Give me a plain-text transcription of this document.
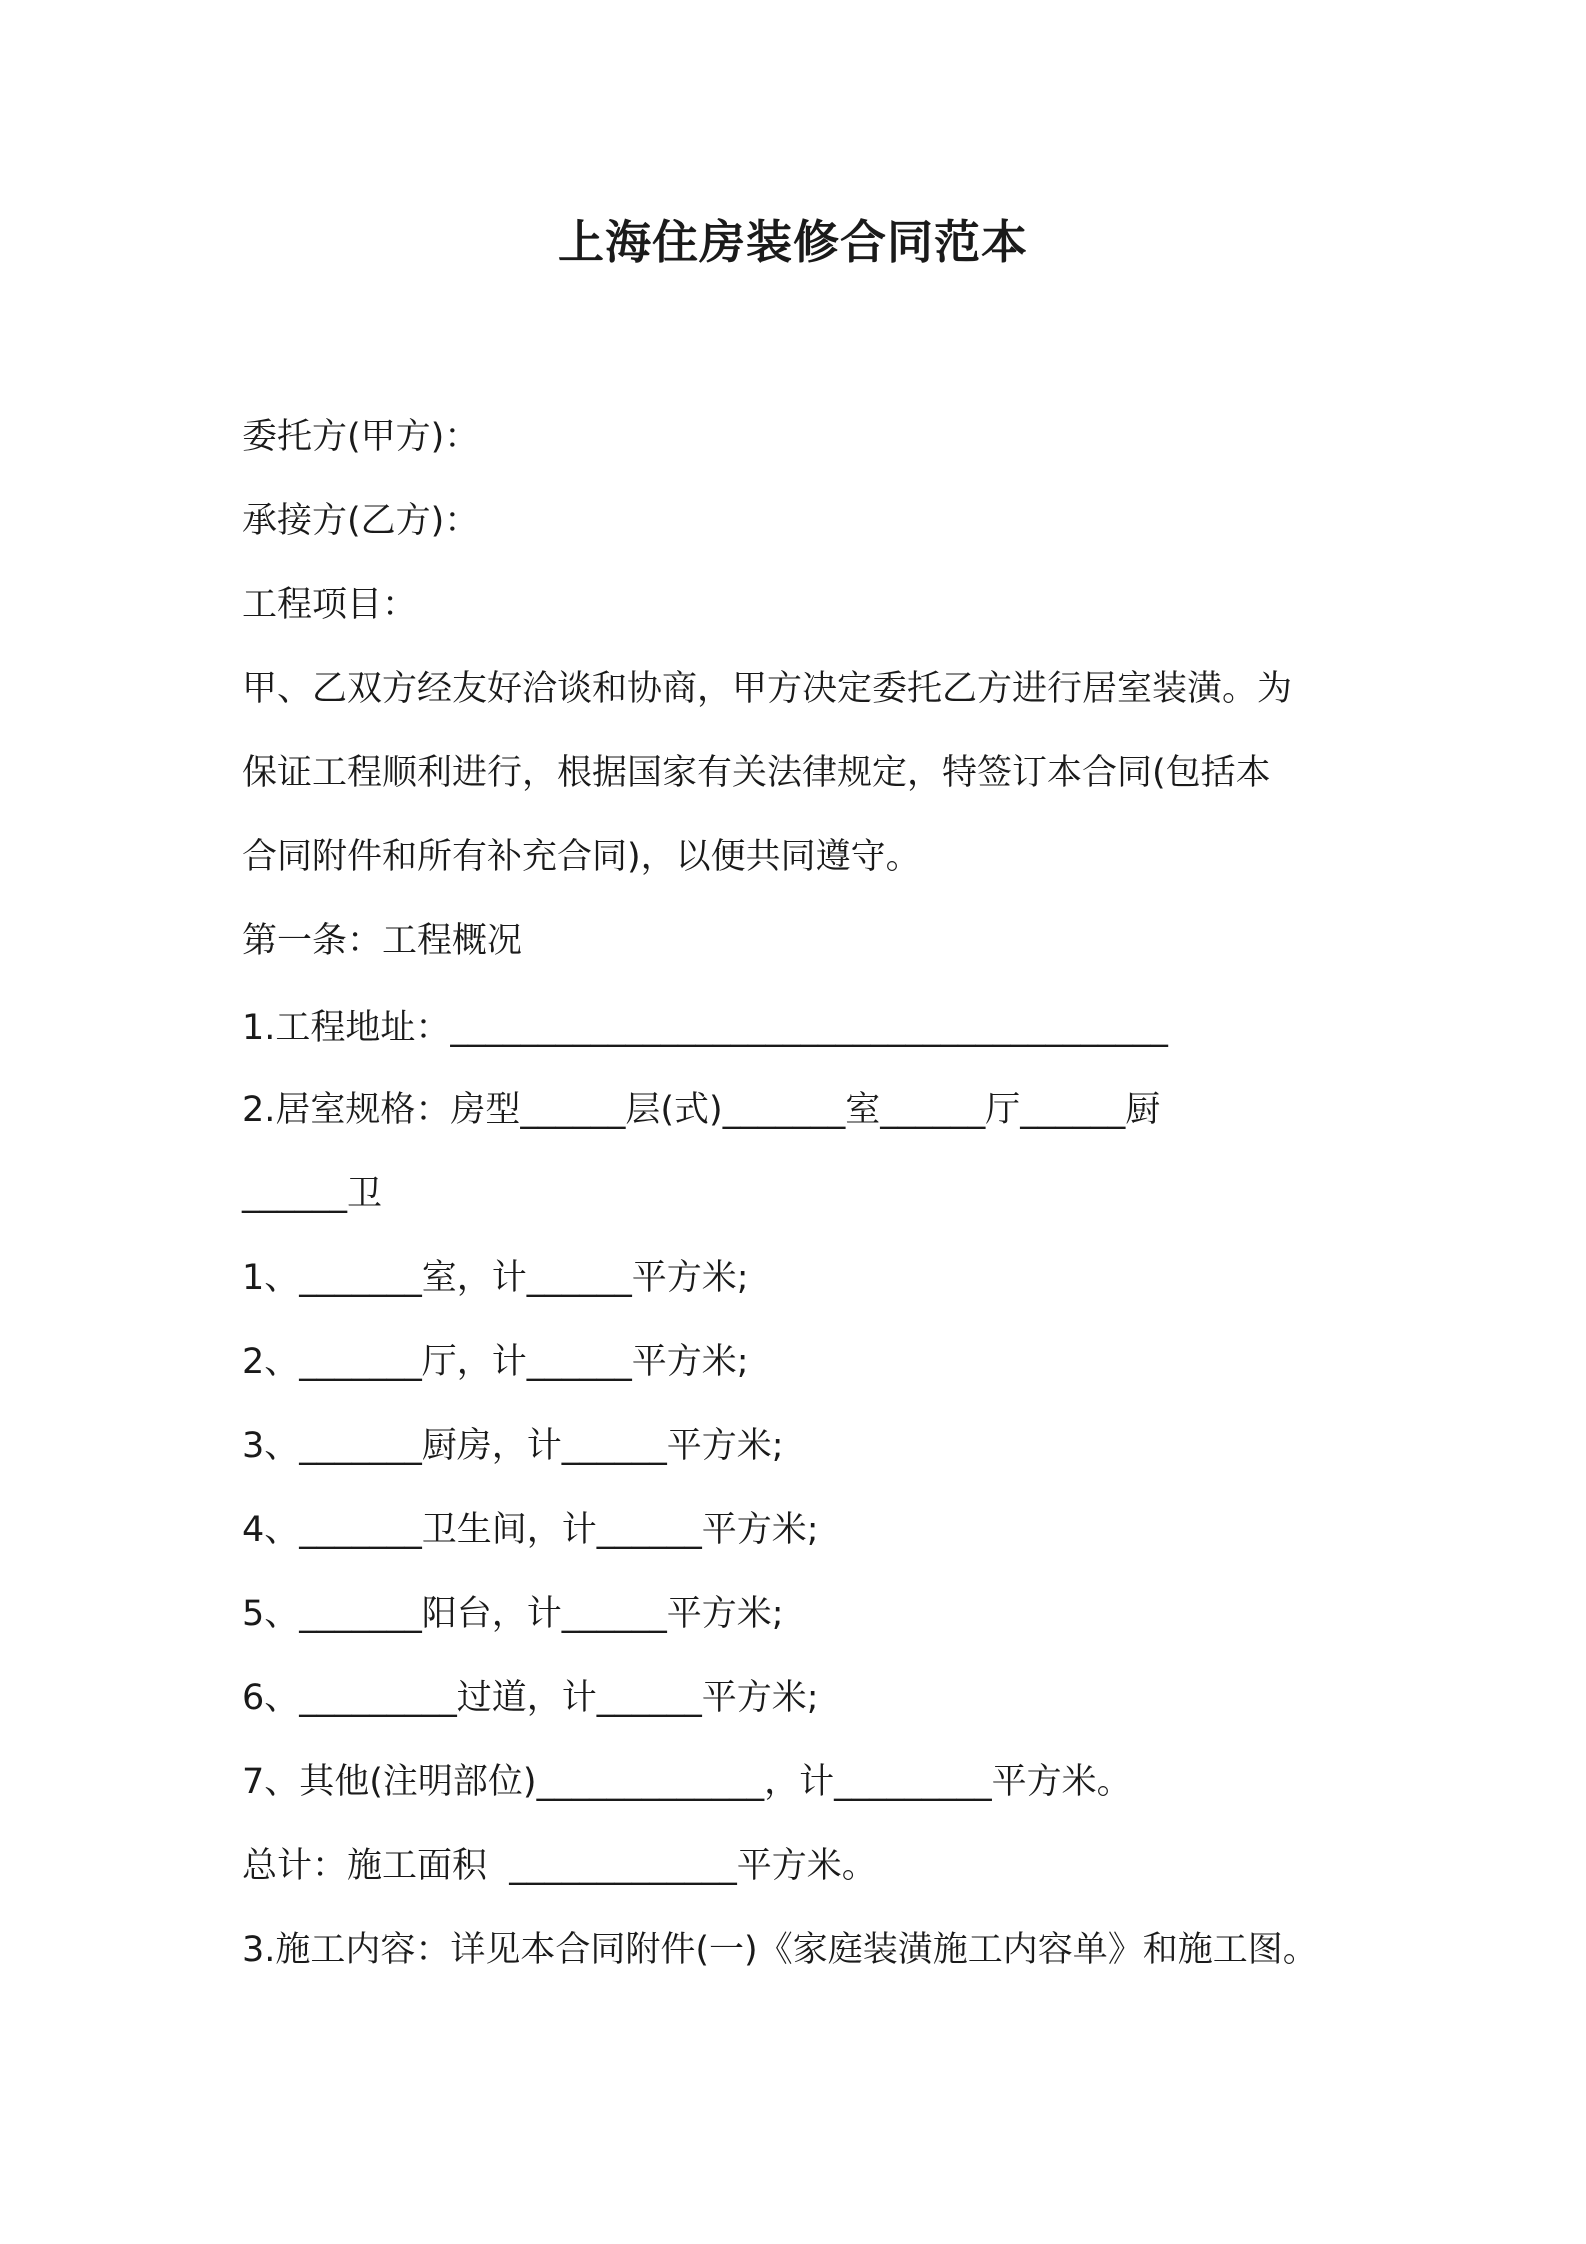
上海住房装修合同范本
委托方(甲方)：
承接方(乙方)：
工程项目：
甲、乙双方经友好洽谈和协商，甲方决定委托乙方进行居室装潢。为
保证工程顺利进行，根据国家有关法律规定，特签订本合同(包括本
合同附件和所有补充合同)，以便共同遵守。
第一条：工程概况
1.工程地址：_________________________________________
2.居室规格：房型______层(式)_______室______厅______厨
______卫
1、_______室，计______平方米;
2、_______厅，计______平方米;
3、_______厨房，计______平方米;
4、_______卫生间，计______平方米;
5、_______阳台，计______平方米;
6、_________过道，计______平方米;
7、其他(注明部位)_____________，计_________平方米。
总计：施工面积  _____________平方米。
3.施工内容：详见本合同附件(一)《家庭装潢施工内容单》和施工图。
